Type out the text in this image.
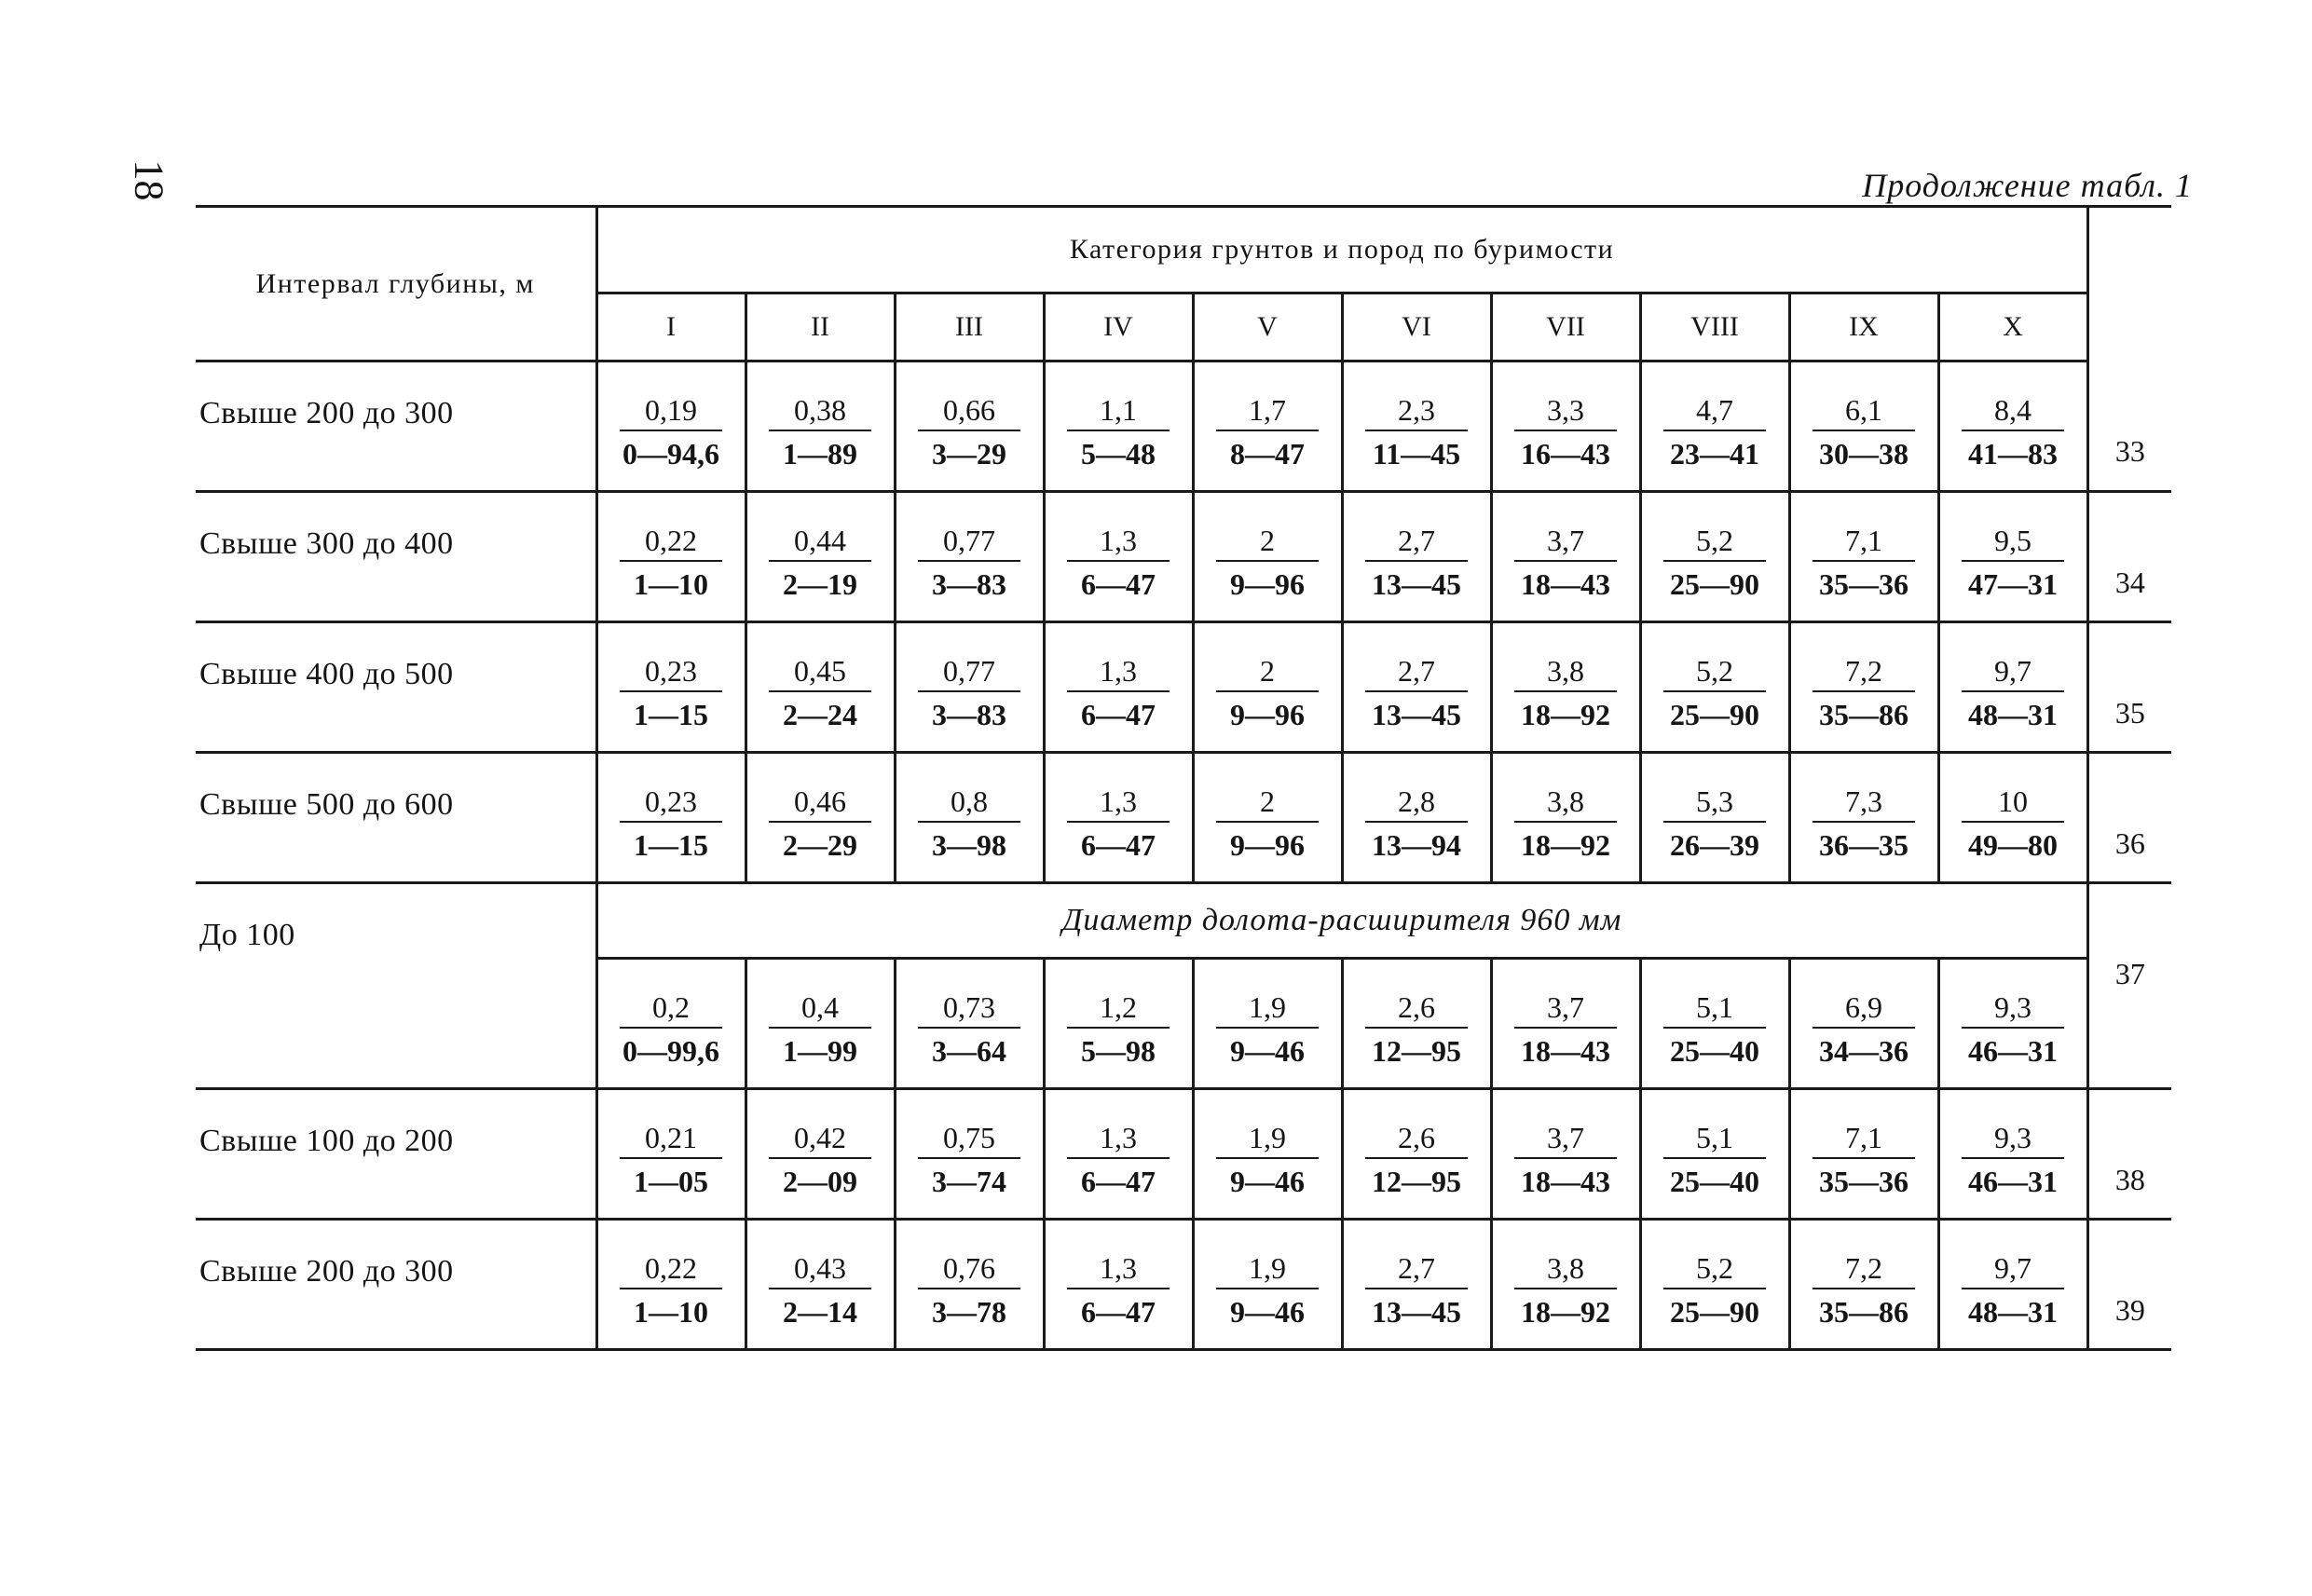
18	Продолжение табл. 1
Интервал глубины, м	Категория грунтов и пород по буримости										
	I	II	III	IV	V	VI	VII	VIII	IX	X	
Свыше 200 до 300	$\frac{0,19}{0—94,6}$	$\frac{0,38}{1—89}$	$\frac{0,66}{3—29}$	$\frac{1,1}{5—48}$	$\frac{1,7}{8—47}$	$\frac{2,3}{11—45}$	$\frac{3,3}{16—43}$	$\frac{4,7}{23—41}$	$\frac{6,1}{30—38}$	$\frac{8,4}{41—83}$	33
Свыше 300 до 400	$\frac{0,22}{1—10}$	$\frac{0,44}{2—19}$	$\frac{0,77}{3—83}$	$\frac{1,3}{6—47}$	$\frac{2}{9—96}$	$\frac{2,7}{13—45}$	$\frac{3,7}{18—43}$	$\frac{5,2}{25—90}$	$\frac{7,1}{35—36}$	$\frac{9,5}{47—31}$	34
Свыше 400 до 500	$\frac{0,23}{1—15}$	$\frac{0,45}{2—24}$	$\frac{0,77}{3—83}$	$\frac{1,3}{6—47}$	$\frac{2}{9—96}$	$\frac{2,7}{13—45}$	$\frac{3,8}{18—92}$	$\frac{5,2}{25—90}$	$\frac{7,2}{35—86}$	$\frac{9,7}{48—31}$	35
Свыше 500 до 600	$\frac{0,23}{1—15}$	$\frac{0,46}{2—29}$	$\frac{0,8}{3—98}$	$\frac{1,3}{6—47}$	$\frac{2}{9—96}$	$\frac{2,8}{13—94}$	$\frac{3,8}{18—92}$	$\frac{5,3}{26—39}$	$\frac{7,3}{36—35}$	$\frac{10}{49—80}$	36
До 100	Диаметр долота-расширителя 960 мм										37

	$\frac{0,2}{0—99,6}$	$\frac{0,4}{1—99}$	$\frac{0,73}{3—64}$	$\frac{1,2}{5—98}$	$\frac{1,9}{9—46}$	$\frac{2,6}{12—95}$	$\frac{3,7}{18—43}$	$\frac{5,1}{25—40}$	$\frac{6,9}{34—36}$	$\frac{9,3}{46—31}$

Свыше 100 до 200	$\frac{0,21}{1—05}$	$\frac{0,42}{2—09}$	$\frac{0,75}{3—74}$	$\frac{1,3}{6—47}$	$\frac{1,9}{9—46}$	$\frac{2,6}{12—95}$	$\frac{3,7}{18—43}$	$\frac{5,1}{25—40}$	$\frac{7,1}{35—36}$	$\frac{9,3}{46—31}$	38
Свыше 200 до 300	$\frac{0,22}{1—10}$	$\frac{0,43}{2—14}$	$\frac{0,76}{3—78}$	$\frac{1,3}{6—47}$	$\frac{1,9}{9—46}$	$\frac{2,7}{13—45}$	$\frac{3,8}{18—92}$	$\frac{5,2}{25—90}$	$\frac{7,2}{35—86}$	$\frac{9,7}{48—31}$	39
